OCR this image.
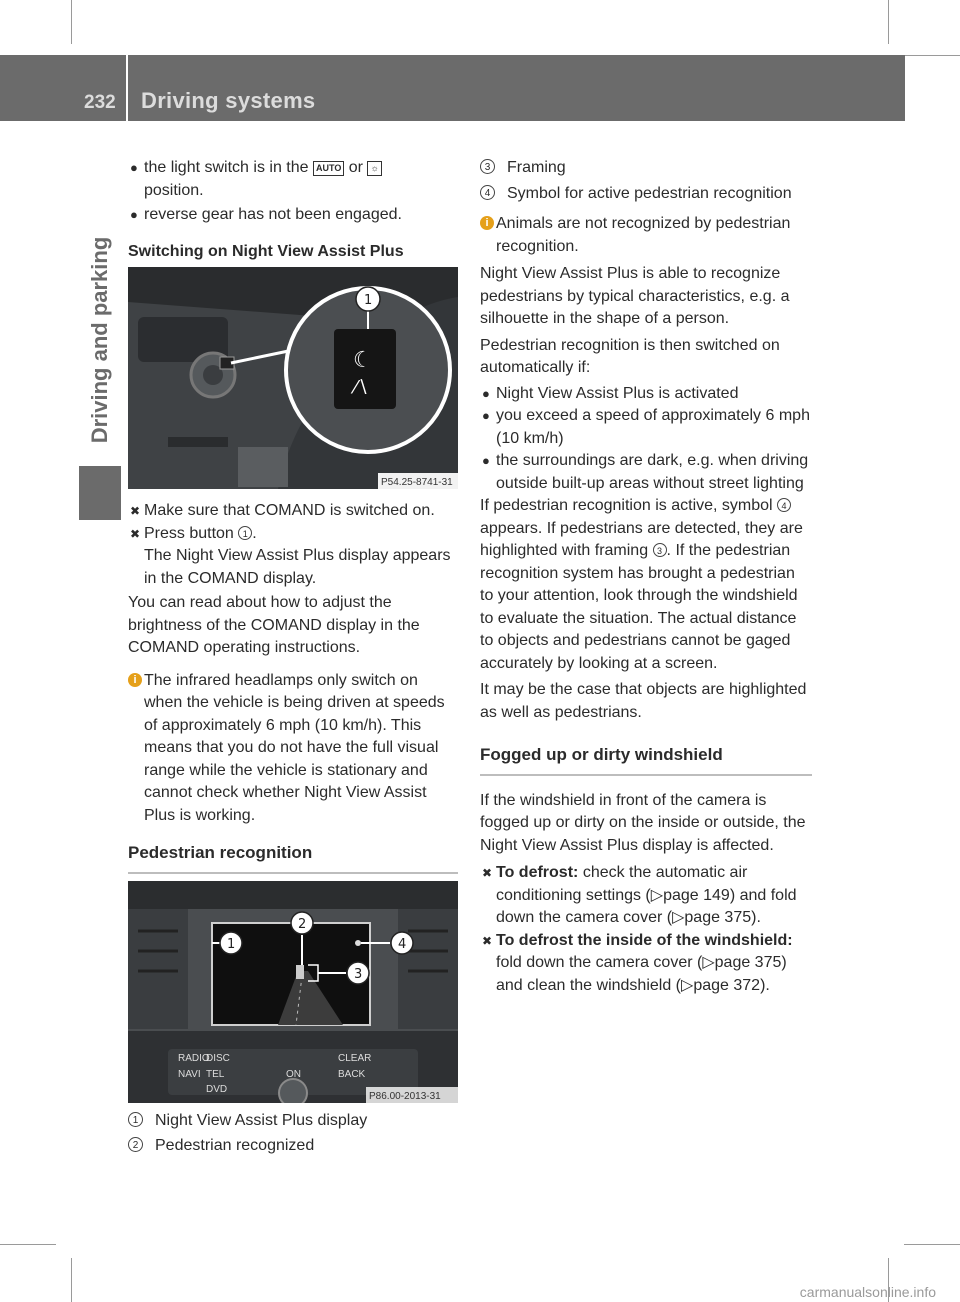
232 Driving systems
Driving and parking
● the light switch is in the AUTO or ☼
position.
● reverse gear has not been engaged.

Switching on Night View Assist Plus

☾
⁄∖
1
P54.25-8741-31
✖ Make sure that COMAND is switched on.
✖ Press button 1 .
The Night View Assist Plus display appears in the COMAND display.

You can read about how to adjust the brightness of the COMAND display in the COMAND operating instructions.

i The infrared headlamps only switch on when the vehicle is being driven at speeds of approximately 6 mph (10 km/h). This means that you do not have the full visual range while the vehicle is stationary and cannot check whether Night View Assist Plus is working.

Pedestrian recognition

1
2
3
4
RADIO
DISC
NAVI TEL
DVD
CLEAR
ON	BACK
P86.00-2013-31
1 Night View Assist Plus display
2 Pedestrian recognized
3 Framing
4 Symbol for active pedestrian recognition
i Animals are not recognized by pedestrian recognition.

Night View Assist Plus is able to recognize pedestrians by typical characteristics, e.g. a silhouette in the shape of a person.

Pedestrian recognition is then switched on automatically if:

● Night View Assist Plus is activated
● you exceed a speed of approximately 6 mph (10 km/h)
● the surroundings are dark, e.g. when driving outside built-up areas without street lighting

If pedestrian recognition is active, symbol 4 appears. If pedestrians are detected, they are highlighted with framing 3 . If the pedestrian recognition system has brought a pedestrian to your attention, look through the windshield to evaluate the situation. The actual distance to objects and pedestrians cannot be gaged accurately by looking at a screen.

It may be the case that objects are highlighted as well as pedestrians.

Fogged up or dirty windshield

If the windshield in front of the camera is fogged up or dirty on the inside or outside, the Night View Assist Plus display is affected.

✖ To defrost: check the automatic air conditioning settings (▷page 149) and fold down the camera cover (▷page 375).
✖ To defrost the inside of the windshield: fold down the camera cover (▷page 375) and clean the windshield (▷page 372).
carmanualsonline.info
